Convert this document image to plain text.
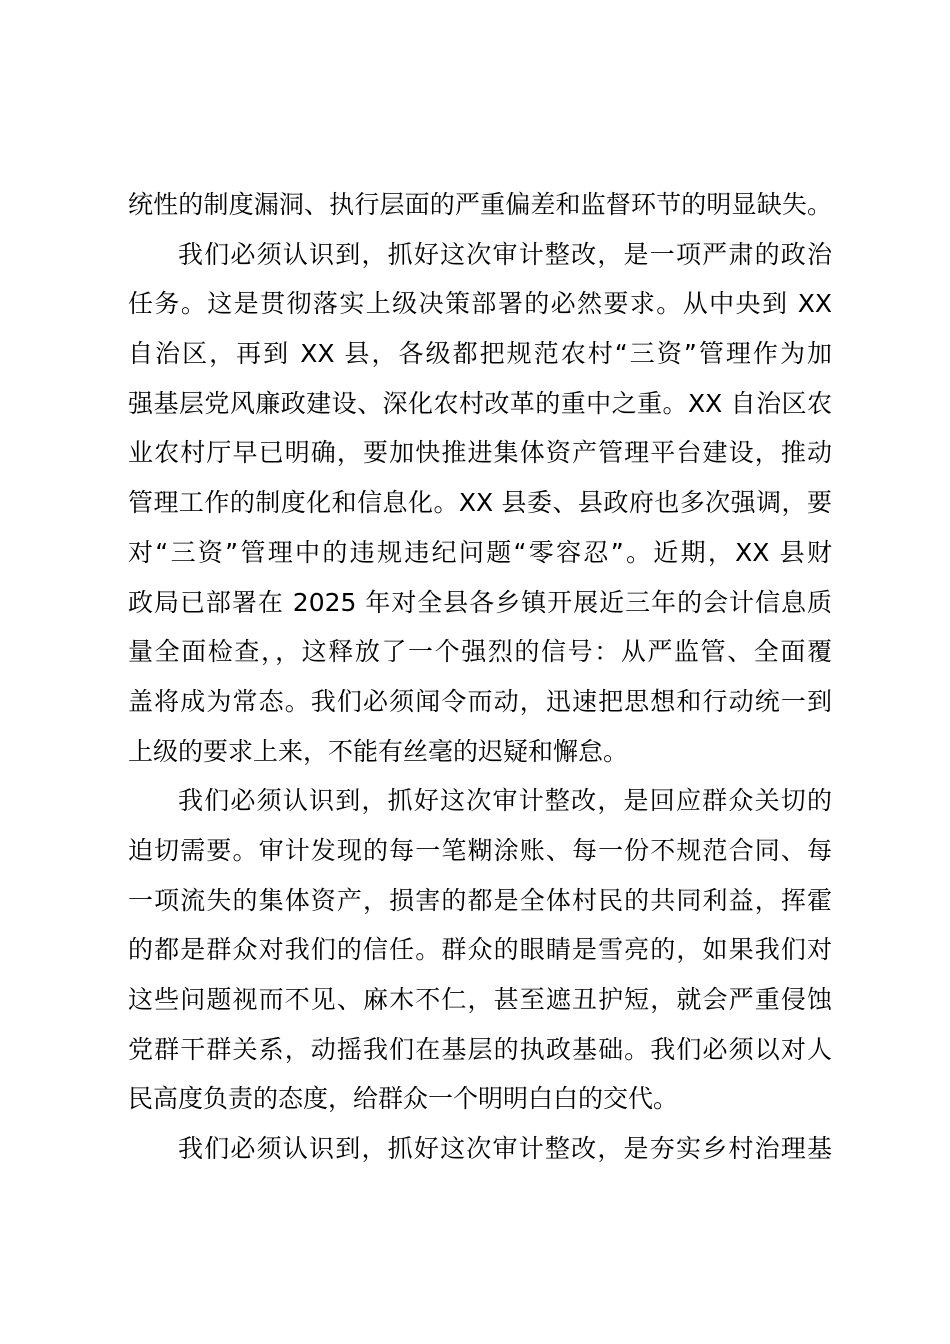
统性的制度漏洞、执行层面的严重偏差和监督环节的明显缺失。
我们必须认识到，抓好这次审计整改，是一项严肃的政治
任务。这是贯彻落实上级决策部署的必然要求。从中央到 XX
自治区，再到 XX 县，各级都把规范农村“三资”管理作为加
强基层党风廉政建设、深化农村改革的重中之重。XX 自治区农
业农村厅早已明确，要加快推进集体资产管理平台建设，推动
管理工作的制度化和信息化。XX 县委、县政府也多次强调，要
对“三资”管理中的违规违纪问题“零容忍”。近期，XX 县财
政局已部署在 2025 年对全县各乡镇开展近三年的会计信息质
量全面检查，，这释放了一个强烈的信号：从严监管、全面覆
盖将成为常态。我们必须闻令而动，迅速把思想和行动统一到
上级的要求上来，不能有丝毫的迟疑和懈怠。
我们必须认识到，抓好这次审计整改，是回应群众关切的
迫切需要。审计发现的每一笔糊涂账、每一份不规范合同、每
一项流失的集体资产，损害的都是全体村民的共同利益，挥霍
的都是群众对我们的信任。群众的眼睛是雪亮的，如果我们对
这些问题视而不见、麻木不仁，甚至遮丑护短，就会严重侵蚀
党群干群关系，动摇我们在基层的执政基础。我们必须以对人
民高度负责的态度，给群众一个明明白白的交代。
我们必须认识到，抓好这次审计整改，是夯实乡村治理基
